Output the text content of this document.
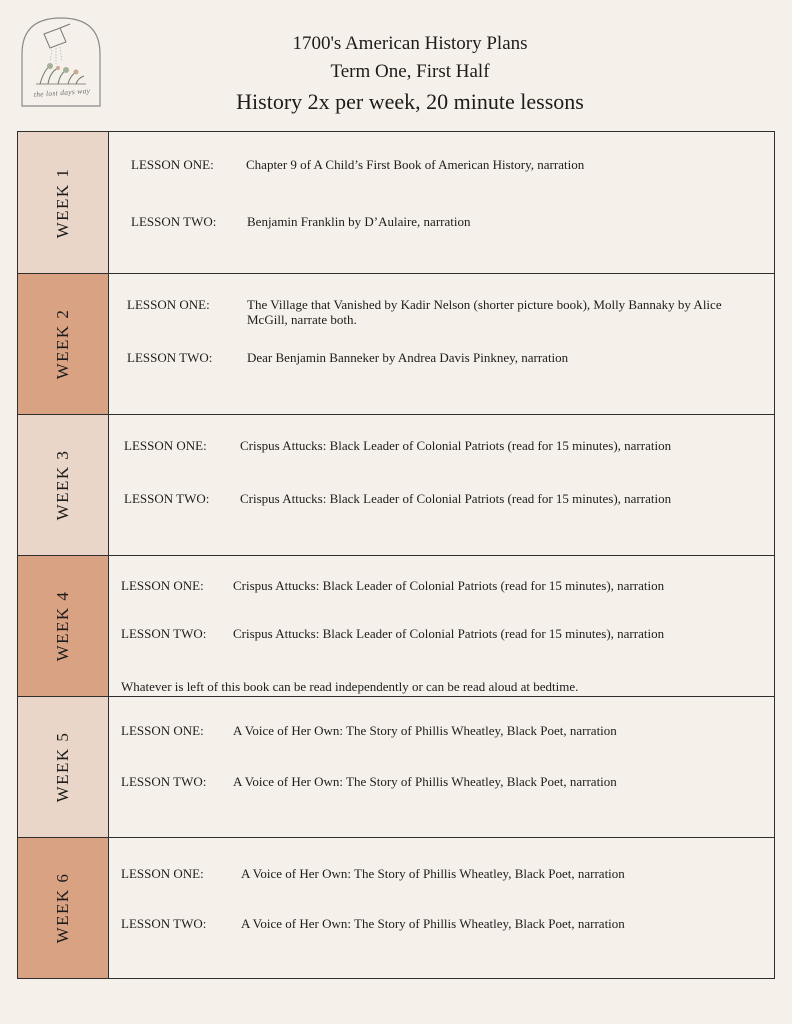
the lost days way
1700's American History Plans
Term One, First Half
History 2x per week, 20 minute lessons
WEEK 1
LESSON ONE:	Chapter 9 of A Child’s First Book of American History, narration
LESSON TWO:	Benjamin Franklin by D’Aulaire, narration
WEEK 2
LESSON ONE:	The Village that Vanished by Kadir Nelson (shorter picture book), Molly Bannaky by Alice McGill, narrate both.
LESSON TWO:	Dear Benjamin Banneker by Andrea Davis Pinkney, narration
WEEK 3
LESSON ONE:	Crispus Attucks: Black Leader of Colonial Patriots (read for 15 minutes), narration
LESSON TWO:	Crispus Attucks: Black Leader of Colonial Patriots (read for 15 minutes), narration
WEEK 4
LESSON ONE:	Crispus Attucks: Black Leader of Colonial Patriots (read for 15 minutes), narration
LESSON TWO:	Crispus Attucks: Black Leader of Colonial Patriots (read for 15 minutes), narration
Whatever is left of this book can be read independently or can be read aloud at bedtime.
WEEK 5
LESSON ONE:	A Voice of Her Own: The Story of Phillis Wheatley, Black Poet, narration
LESSON TWO:	A Voice of Her Own: The Story of Phillis Wheatley, Black Poet, narration
WEEK 6	LESSON ONE:	A Voice of Her Own: The Story of Phillis Wheatley, Black Poet, narration
LESSON TWO:	A Voice of Her Own: The Story of Phillis Wheatley, Black Poet, narration
